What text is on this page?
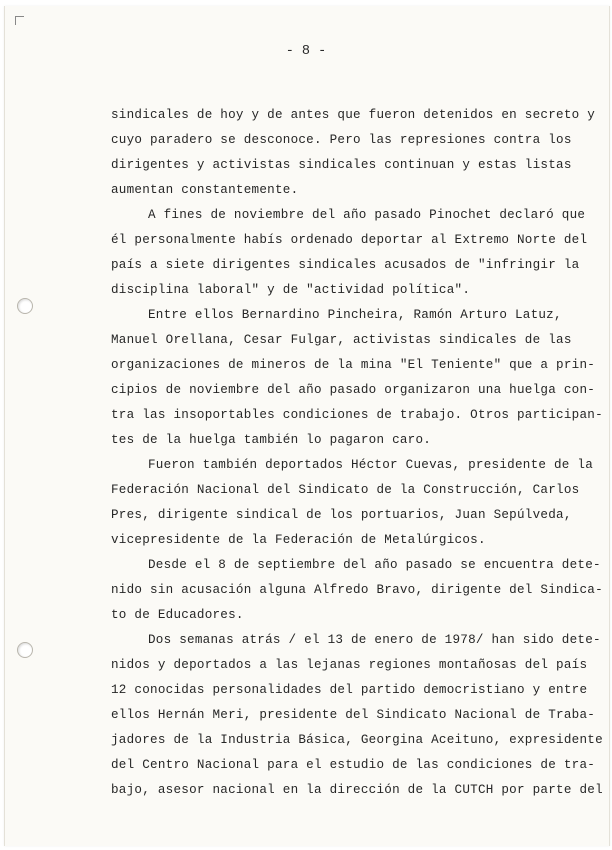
- 8 -
sindicales de hoy y de antes que fueron detenidos en secreto y
cuyo paradero se desconoce. Pero las represiones contra los
dirigentes y activistas sindicales continuan y estas listas
aumentan constantemente.
A fines de noviembre del año pasado Pinochet declaró que
él personalmente habís ordenado deportar al Extremo Norte del
país a siete dirigentes sindicales acusados de "infringir la
disciplina laboral" y de "actividad política".
Entre ellos Bernardino Pincheira, Ramón Arturo Latuz,
Manuel Orellana, Cesar Fulgar, activistas sindicales de las
organizaciones de mineros de la mina "El Teniente" que a prin-
cipios de noviembre del año pasado organizaron una huelga con-
tra las insoportables condiciones de trabajo. Otros participan-
tes de la huelga también lo pagaron caro.
Fueron también deportados Héctor Cuevas, presidente de la
Federación Nacional del Sindicato de la Construcción, Carlos
Pres, dirigente sindical de los portuarios, Juan Sepúlveda,
vicepresidente de la Federación de Metalúrgicos.
Desde el 8 de septiembre del año pasado se encuentra dete-
nido sin acusación alguna Alfredo Bravo, dirigente del Sindica-
to de Educadores.
Dos semanas atrás / el 13 de enero de 1978/ han sido dete-
nidos y deportados a las lejanas regiones montañosas del país
12 conocidas personalidades del partido democristiano y entre
ellos Hernán Meri, presidente del Sindicato Nacional de Traba-
jadores de la Industria Básica, Georgina Aceituno, expresidente
del Centro Nacional para el estudio de las condiciones de tra-
bajo, asesor nacional en la dirección de la CUTCH por parte del
